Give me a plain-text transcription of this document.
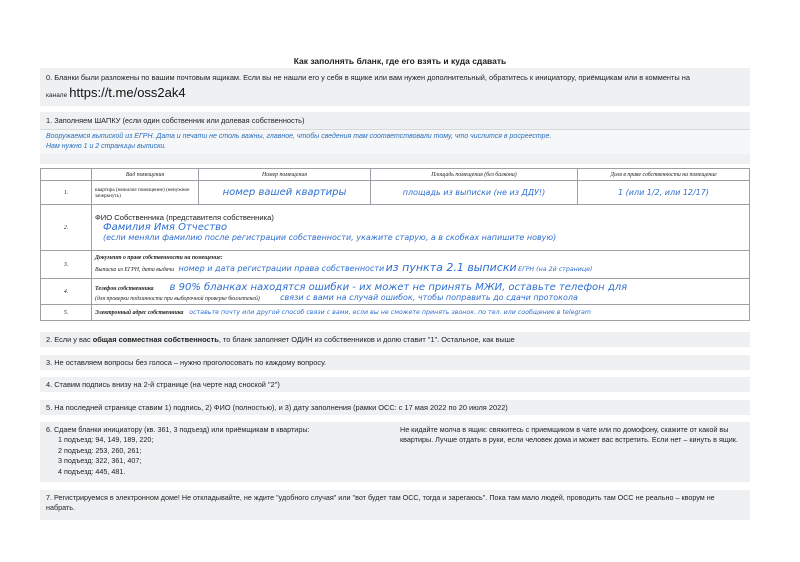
Как заполнять бланк, где его взять и куда сдавать
0. Бланки были разложены по вашим почтовым ящикам. Если вы не нашли его у себя в ящике или вам нужен дополнительный, обратитесь к инициатору, приёмщикам или в комменты на
канале https://t.me/oss2ak4
1. Заполняем ШАПКУ (если один собственник или долевая собственность)
Вооружаемся выпиской из ЕГРН. Дата и печати не столь важны, главное, чтобы сведения там соответствовали тому, что числится в росреестре.
Нам нужно 1 и 2 страницы выписки.
	Вид помещения	Номер помещения	Площадь помещения (без балкона)	Доля в праве собственности на помещение
1.	квартира (нежилое помещение) (ненужное зачеркнуть)	номер вашей квартиры	площадь из выписки (не из ДДУ!)	1 (или 1/2, или 12/17)
2.	ФИО Собственника (представителя собственника)
Фамилия Имя Отчество
(если меняли фамилию после регистрации собственности, укажите старую, а в скобках напишите новую)			

3.	Документ о праве собственности на помещение:
Выписка из ЕГРН, дата выдачи номер и дата регистрации права собственности из пункта 2.1 выписки ЕГРН (на 2й странице)			

4.	Телефон собственника в 90% бланках находятся ошибки - их может не принять МЖИ, оставьте телефон для
(для проверки подлинности при выборочной проверке бюллетеней) связи с вами на случай ошибок, чтобы поправить до сдачи протокола			

5.	Электронный адрес собственника оставьте почту или другой способ связи с вами, если вы не сможете принять звонок. по тел. или сообщение в telegram			
2. Если у вас общая совместная собственность, то бланк заполняет ОДИН из собственников и долю ставит "1". Остальное, как выше
3. Не оставляем вопросы без голоса – нужно проголосовать по каждому вопросу.
4. Ставим подпись внизу на 2-й странице (на черте над сноской "2")
5. На последней странице ставим 1) подпись, 2) ФИО (полностью), и 3) дату заполнения (рамки ОСС: с 17 мая 2022 по 20 июля 2022)
6. Сдаем бланки инициатору (кв. 361, 3 подъезд) или приёмщикам в квартиры:
1 подъезд: 94, 149, 189, 220;
2 подъезд: 253, 260, 261;
3 подъезд: 322, 361, 407;
4 подъезд: 445, 481.
Не кидайте молча в ящик: свяжитесь с приемщиком в чате или по домофону, скажите от какой вы квартиры. Лучше отдать в руки, если человек дома и может вас встретить. Если нет – кинуть в ящик.
7. Регистрируемся в электронном доме! Не откладывайте, не ждите "удобного случая" или "вот будет там ОСС, тогда и зарегаюсь". Пока там мало людей, проводить там ОСС не реально – кворум не набрать.
